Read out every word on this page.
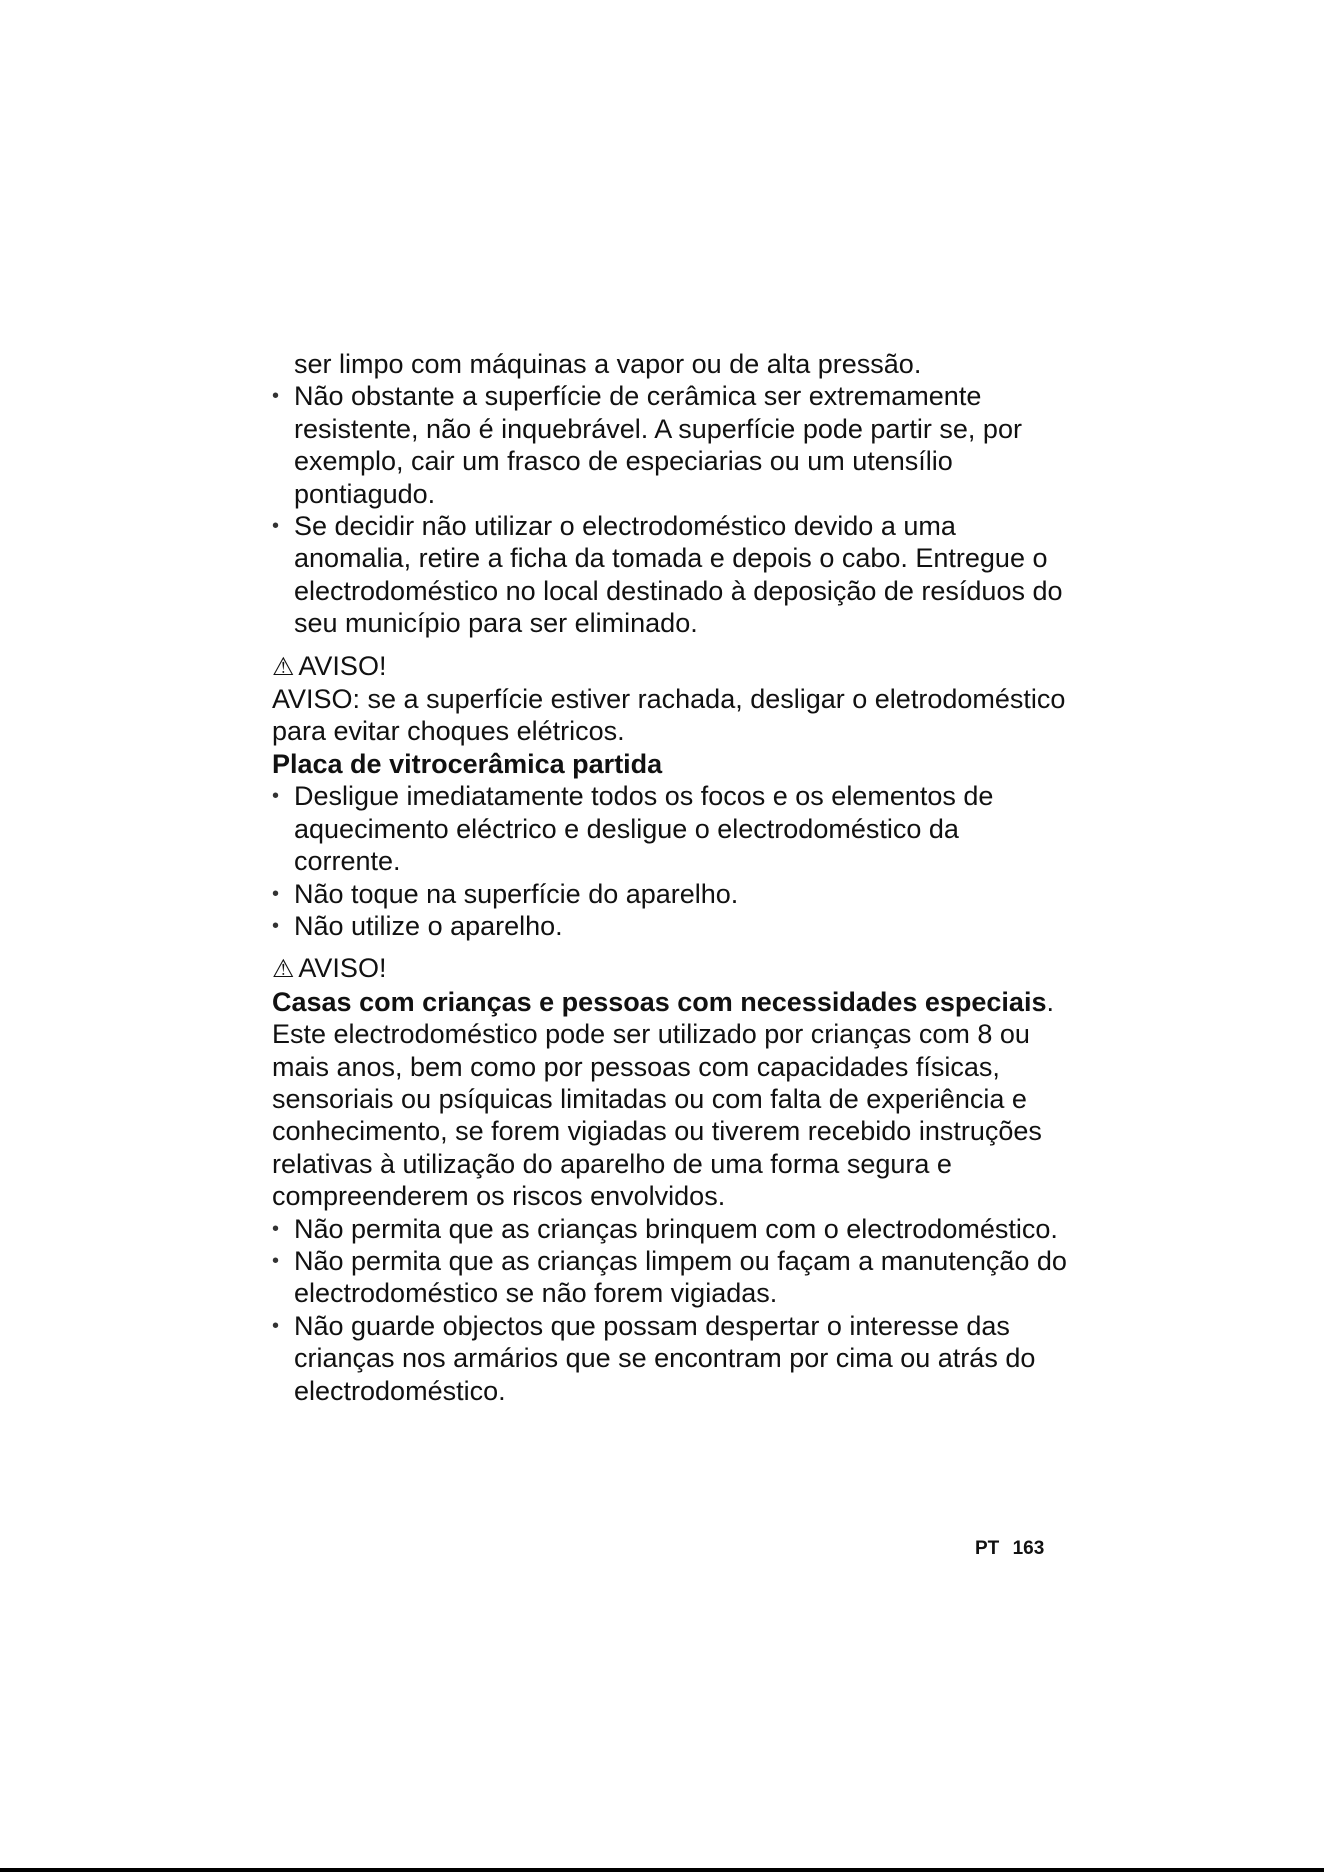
ser limpo com máquinas a vapor ou de alta pressão.

• Não obstante a superfície de cerâmica ser extremamente resistente, não é inquebrável. A superfície pode partir se, por exemplo, cair um frasco de especiarias ou um utensílio pontiagudo.
• Se decidir não utilizar o electrodoméstico devido a uma anomalia, retire a ficha da tomada e depois o cabo. Entregue o electrodoméstico no local destinado à deposição de resíduos do seu município para ser eliminado.

⚠ AVISO!

AVISO: se a superfície estiver rachada, desligar o eletrodoméstico para evitar choques elétricos.

Placa de vitrocerâmica partida

• Desligue imediatamente todos os focos e os elementos de aquecimento eléctrico e desligue o electrodoméstico da corrente.
• Não toque na superfície do aparelho.
• Não utilize o aparelho.

⚠ AVISO!

Casas com crianças e pessoas com necessidades especiais.

Este electrodoméstico pode ser utilizado por crianças com 8 ou mais anos, bem como por pessoas com capacidades físicas, sensoriais ou psíquicas limitadas ou com falta de experiência e conhecimento, se forem vigiadas ou tiverem recebido instruções relativas à utilização do aparelho de uma forma segura e compreenderem os riscos envolvidos.

• Não permita que as crianças brinquem com o electrodoméstico.
• Não permita que as crianças limpem ou façam a manutenção do electrodoméstico se não forem vigiadas.
• Não guarde objectos que possam despertar o interesse das crianças nos armários que se encontram por cima ou atrás do electrodoméstico.
PT 163
